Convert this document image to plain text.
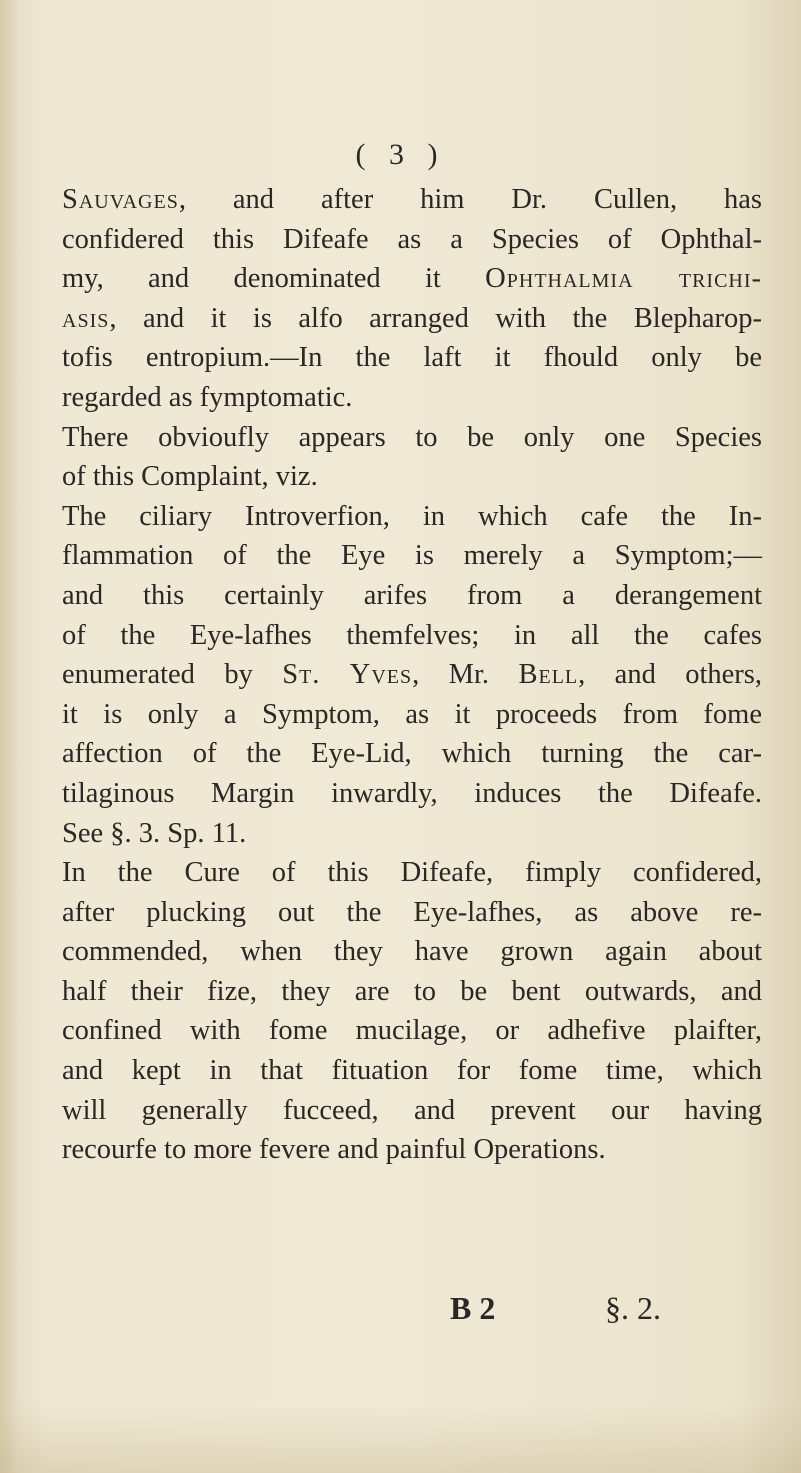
( 3 )
Sauvages, and after him Dr. Cullen, has
confidered this Difeafe as a Species of Ophthal-
my, and denominated it Ophthalmia trichi-
asis, and it is alfo arranged with the Blepharop-
tofis entropium.—In the laft it fhould only be
regarded as fymptomatic.
There obvioufly appears to be only one Species
of this Complaint, viz.
The ciliary Introverfion, in which cafe the In-
flammation of the Eye is merely a Symptom;—
and this certainly arifes from a derangement
of the Eye-lafhes themfelves; in all the cafes
enumerated by St. Yves, Mr. Bell, and others,
it is only a Symptom, as it proceeds from fome
affection of the Eye-Lid, which turning the car-
tilaginous Margin inwardly, induces the Difeafe.
See §. 3. Sp. 11.
In the Cure of this Difeafe, fimply confidered,
after plucking out the Eye-lafhes, as above re-
commended, when they have grown again about
half their fize, they are to be bent outwards, and
confined with fome mucilage, or adhefive plaifter,
and kept in that fituation for fome time, which
will generally fucceed, and prevent our having
recourfe to more fevere and painful Operations.
B 2	§. 2.
